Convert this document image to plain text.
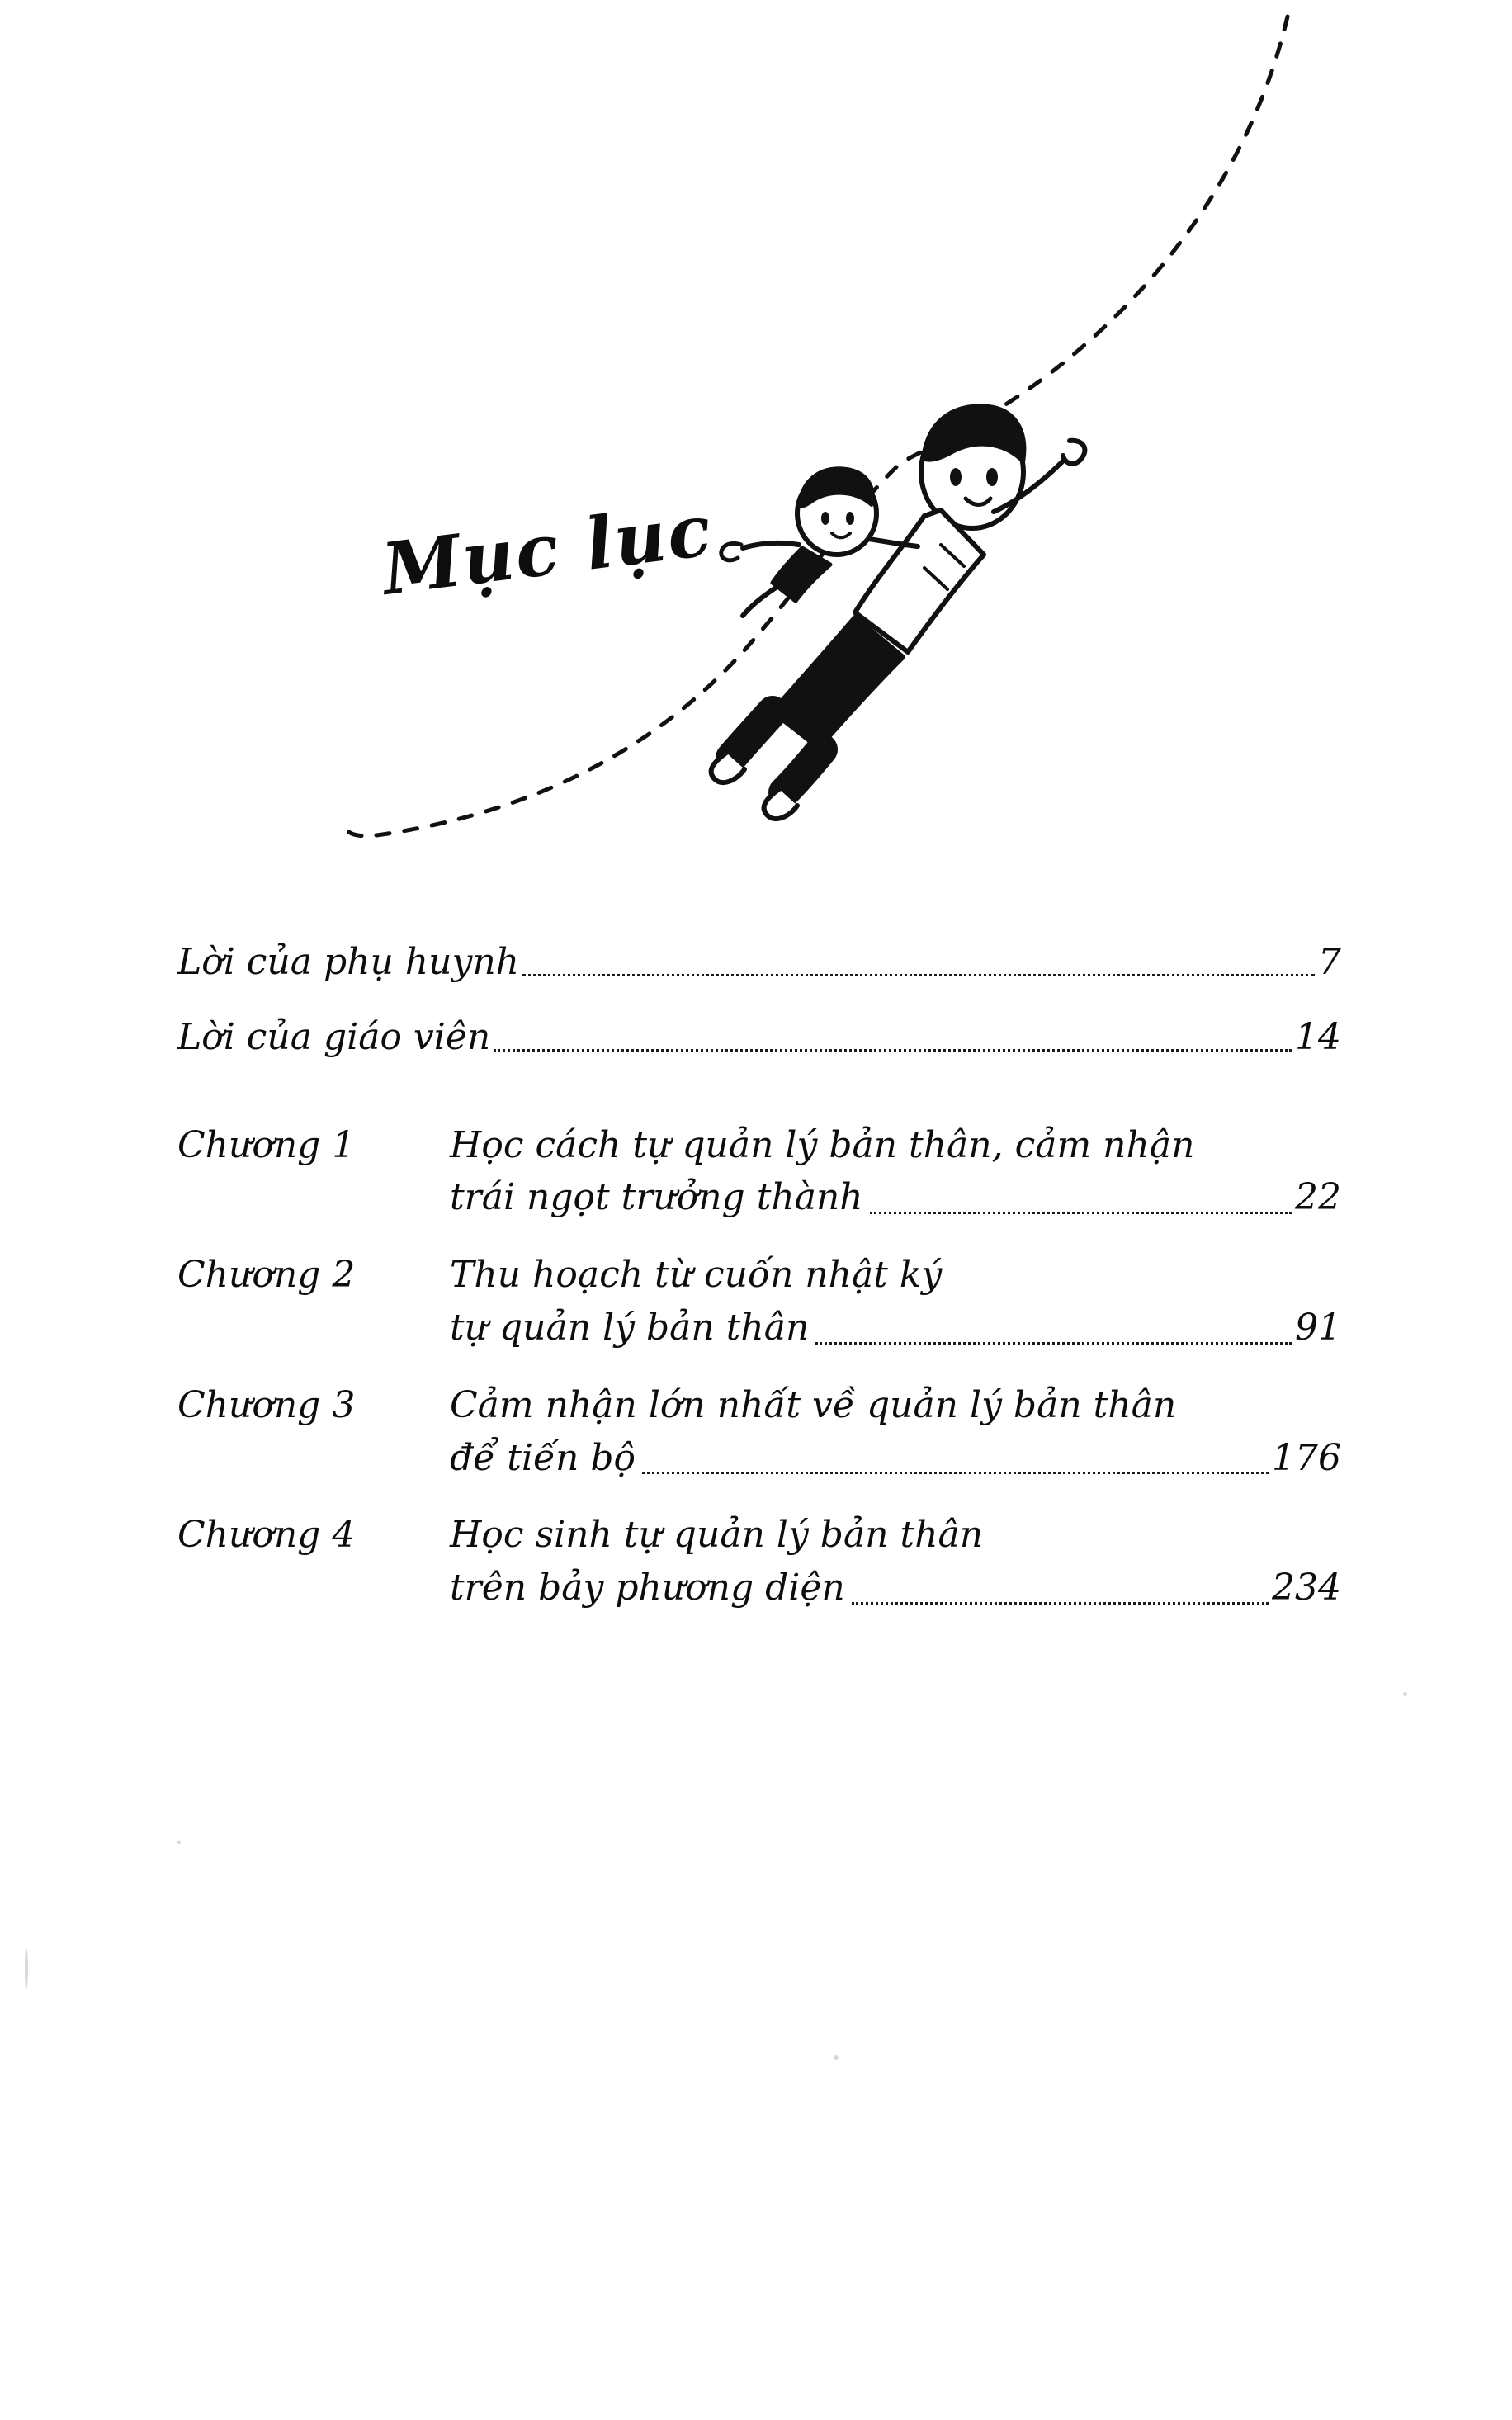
Mục lục
Lời của phụ huynh	7
Lời của giáo viên	14
Chương 1	Học cách tự quản lý bản thân, cảm nhận
trái ngọt trưởng thành	22
Chương 2	Thu hoạch từ cuốn nhật ký
tự quản lý bản thân	91
Chương 3	Cảm nhận lớn nhất về quản lý bản thân
để tiến bộ	176
Chương 4	Học sinh tự quản lý bản thân
trên bảy phương diện	234
